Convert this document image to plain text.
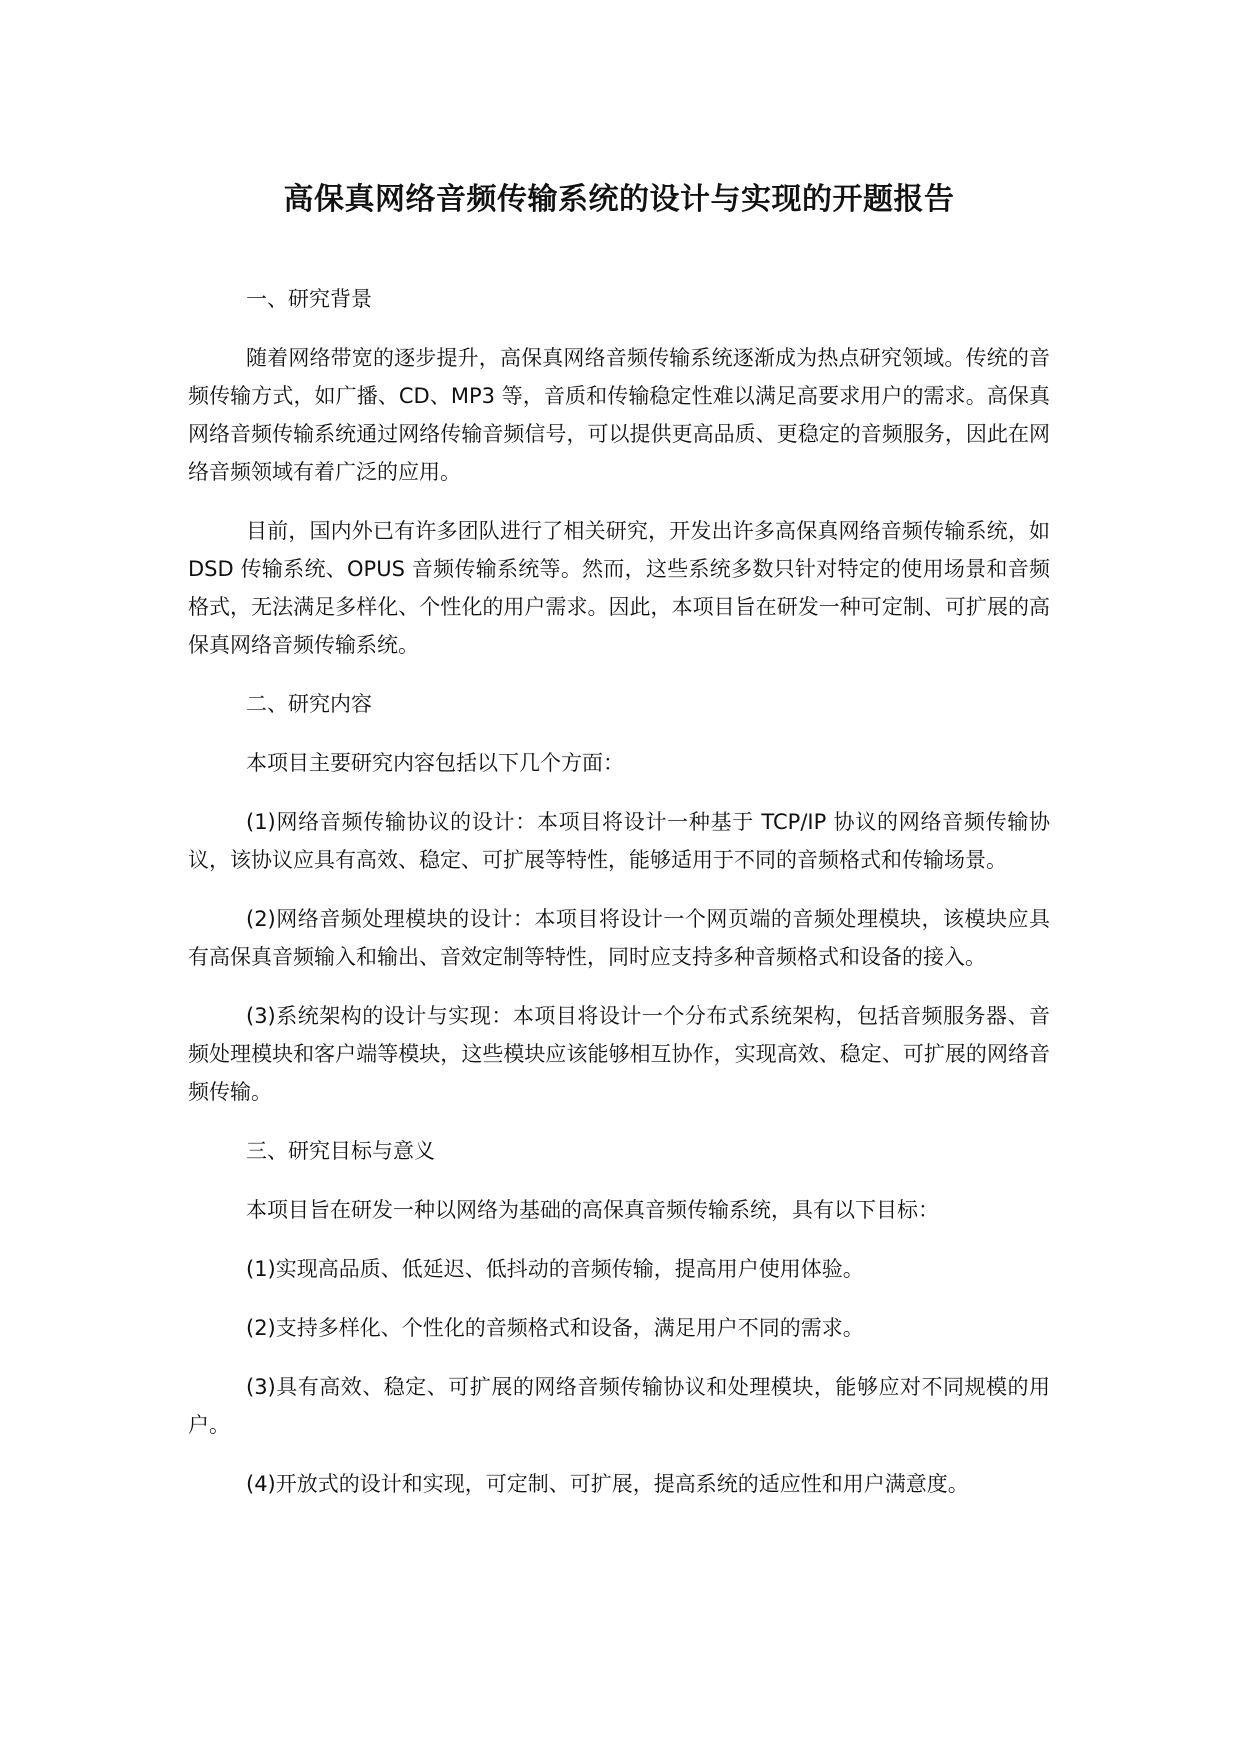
高保真网络音频传输系统的设计与实现的开题报告

一、研究背景

随着网络带宽的逐步提升，高保真网络音频传输系统逐渐成为热点研究领域。传统的音频传输方式，如广播、CD、MP3 等，音质和传输稳定性难以满足高要求用户的需求。高保真网络音频传输系统通过网络传输音频信号，可以提供更高品质、更稳定的音频服务，因此在网络音频领域有着广泛的应用。

目前，国内外已有许多团队进行了相关研究，开发出许多高保真网络音频传输系统，如 DSD 传输系统、OPUS 音频传输系统等。然而，这些系统多数只针对特定的使用场景和音频格式，无法满足多样化、个性化的用户需求。因此，本项目旨在研发一种可定制、可扩展的高保真网络音频传输系统。

二、研究内容

本项目主要研究内容包括以下几个方面：

(1)网络音频传输协议的设计：本项目将设计一种基于 TCP/IP 协议的网络音频传输协议，该协议应具有高效、稳定、可扩展等特性，能够适用于不同的音频格式和传输场景。

(2)网络音频处理模块的设计：本项目将设计一个网页端的音频处理模块，该模块应具有高保真音频输入和输出、音效定制等特性，同时应支持多种音频格式和设备的接入。

(3)系统架构的设计与实现：本项目将设计一个分布式系统架构，包括音频服务器、音频处理模块和客户端等模块，这些模块应该能够相互协作，实现高效、稳定、可扩展的网络音频传输。

三、研究目标与意义

本项目旨在研发一种以网络为基础的高保真音频传输系统，具有以下目标：

(1)实现高品质、低延迟、低抖动的音频传输，提高用户使用体验。

(2)支持多样化、个性化的音频格式和设备，满足用户不同的需求。

(3)具有高效、稳定、可扩展的网络音频传输协议和处理模块，能够应对不同规模的用户。

(4)开放式的设计和实现，可定制、可扩展，提高系统的适应性和用户满意度。
